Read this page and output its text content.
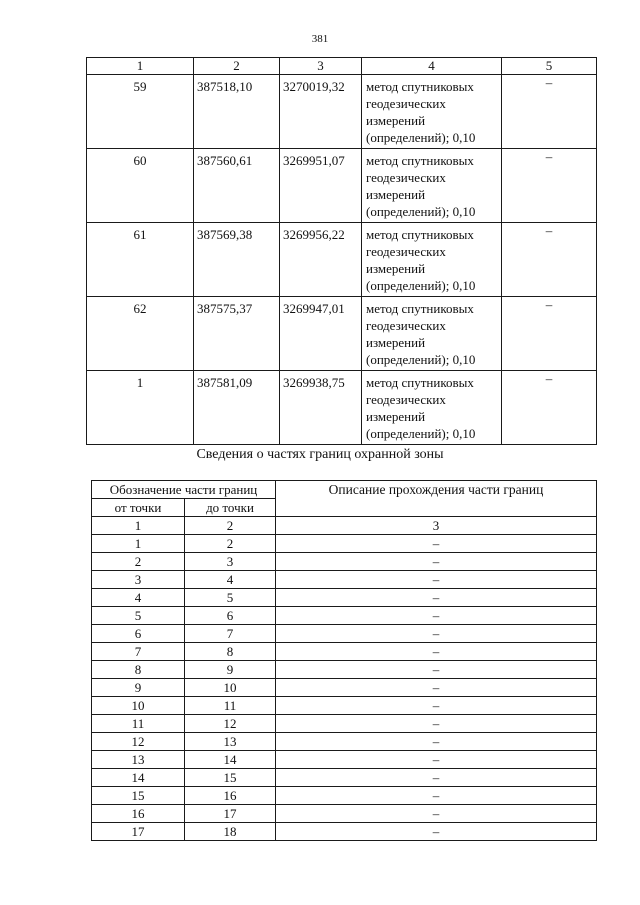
381
1	2	3	4	5
59	387518,10	3270019,32	метод спутниковых
геодезических
измерений
(определений); 0,10	–
60	387560,61	3269951,07	метод спутниковых
геодезических
измерений
(определений); 0,10	–
61	387569,38	3269956,22	метод спутниковых
геодезических
измерений
(определений); 0,10	–
62	387575,37	3269947,01	метод спутниковых
геодезических
измерений
(определений); 0,10	–
1	387581,09	3269938,75	метод спутниковых
геодезических
измерений
(определений); 0,10	–
Сведения о частях границ охранной зоны
Обозначение части границ		Описание прохождения части границ
от точки	до точки	
1	2	3
1	2	–
2	3	–
3	4	–
4	5	–
5	6	–
6	7	–
7	8	–
8	9	–
9	10	–
10	11	–
11	12	–
12	13	–
13	14	–
14	15	–
15	16	–
16	17	–
17	18	–
